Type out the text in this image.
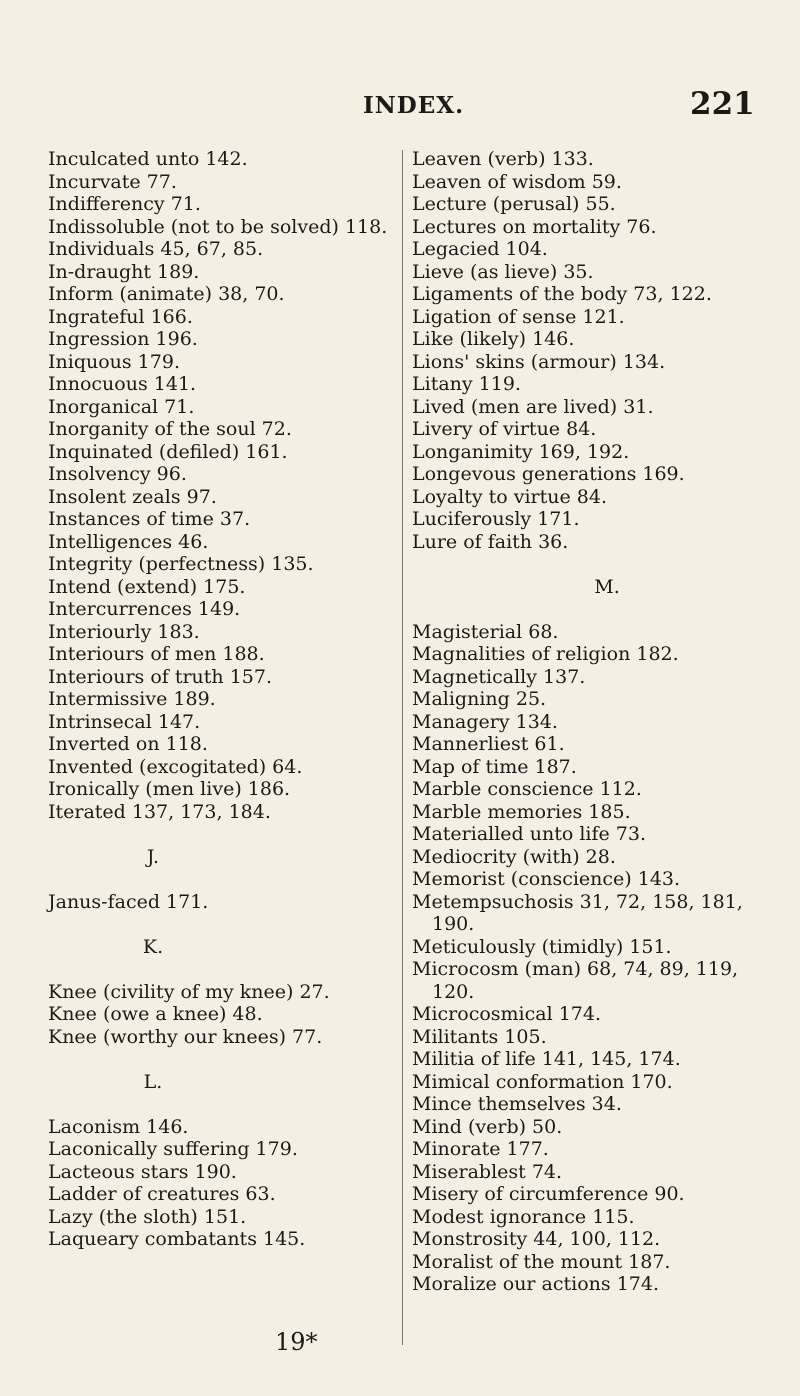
INDEX.	221
Inculcated unto 142.
Incurvate 77.
Indifferency 71.
Indissoluble (not to be solved) 118.
Individuals 45, 67, 85.
In-draught 189.
Inform (animate) 38, 70.
Ingrateful 166.
Ingression 196.
Iniquous 179.
Innocuous 141.
Inorganical 71.
Inorganity of the soul 72.
Inquinated (defiled) 161.
Insolvency 96.
Insolent zeals 97.
Instances of time 37.
Intelligences 46.
Integrity (perfectness) 135.
Intend (extend) 175.
Intercurrences 149.
Interiourly 183.
Interiours of men 188.
Interiours of truth 157.
Intermissive 189.
Intrinsecal 147.
Inverted on 118.
Invented (excogitated) 64.
Ironically (men live) 186.
Iterated 137, 173, 184.
J.
Janus-faced 171.
K.
Knee (civility of my knee) 27.
Knee (owe a knee) 48.
Knee (worthy our knees) 77.
L.
Laconism 146.
Laconically suffering 179.
Lacteous stars 190.
Ladder of creatures 63.
Lazy (the sloth) 151.
Laqueary combatants 145.
Leaven (verb) 133.
Leaven of wisdom 59.
Lecture (perusal) 55.
Lectures on mortality 76.
Legacied 104.
Lieve (as lieve) 35.
Ligaments of the body 73, 122.
Ligation of sense 121.
Like (likely) 146.
Lions' skins (armour) 134.
Litany 119.
Lived (men are lived) 31.
Livery of virtue 84.
Longanimity 169, 192.
Longevous generations 169.
Loyalty to virtue 84.
Luciferously 171.
Lure of faith 36.
M.
Magisterial 68.
Magnalities of religion 182.
Magnetically 137.
Maligning 25.
Managery 134.
Mannerliest 61.
Map of time 187.
Marble conscience 112.
Marble memories 185.
Materialled unto life 73.
Mediocrity (with) 28.
Memorist (conscience) 143.
Metempsuchosis 31, 72, 158, 181,
190.
Meticulously (timidly) 151.
Microcosm (man) 68, 74, 89, 119,
120.
Microcosmical 174.
Militants 105.
Militia of life 141, 145, 174.
Mimical conformation 170.
Mince themselves 34.
Mind (verb) 50.
Minorate 177.
Miserablest 74.
Misery of circumference 90.
Modest ignorance 115.
Monstrosity 44, 100, 112.
Moralist of the mount 187.
Moralize our actions 174.
19*
